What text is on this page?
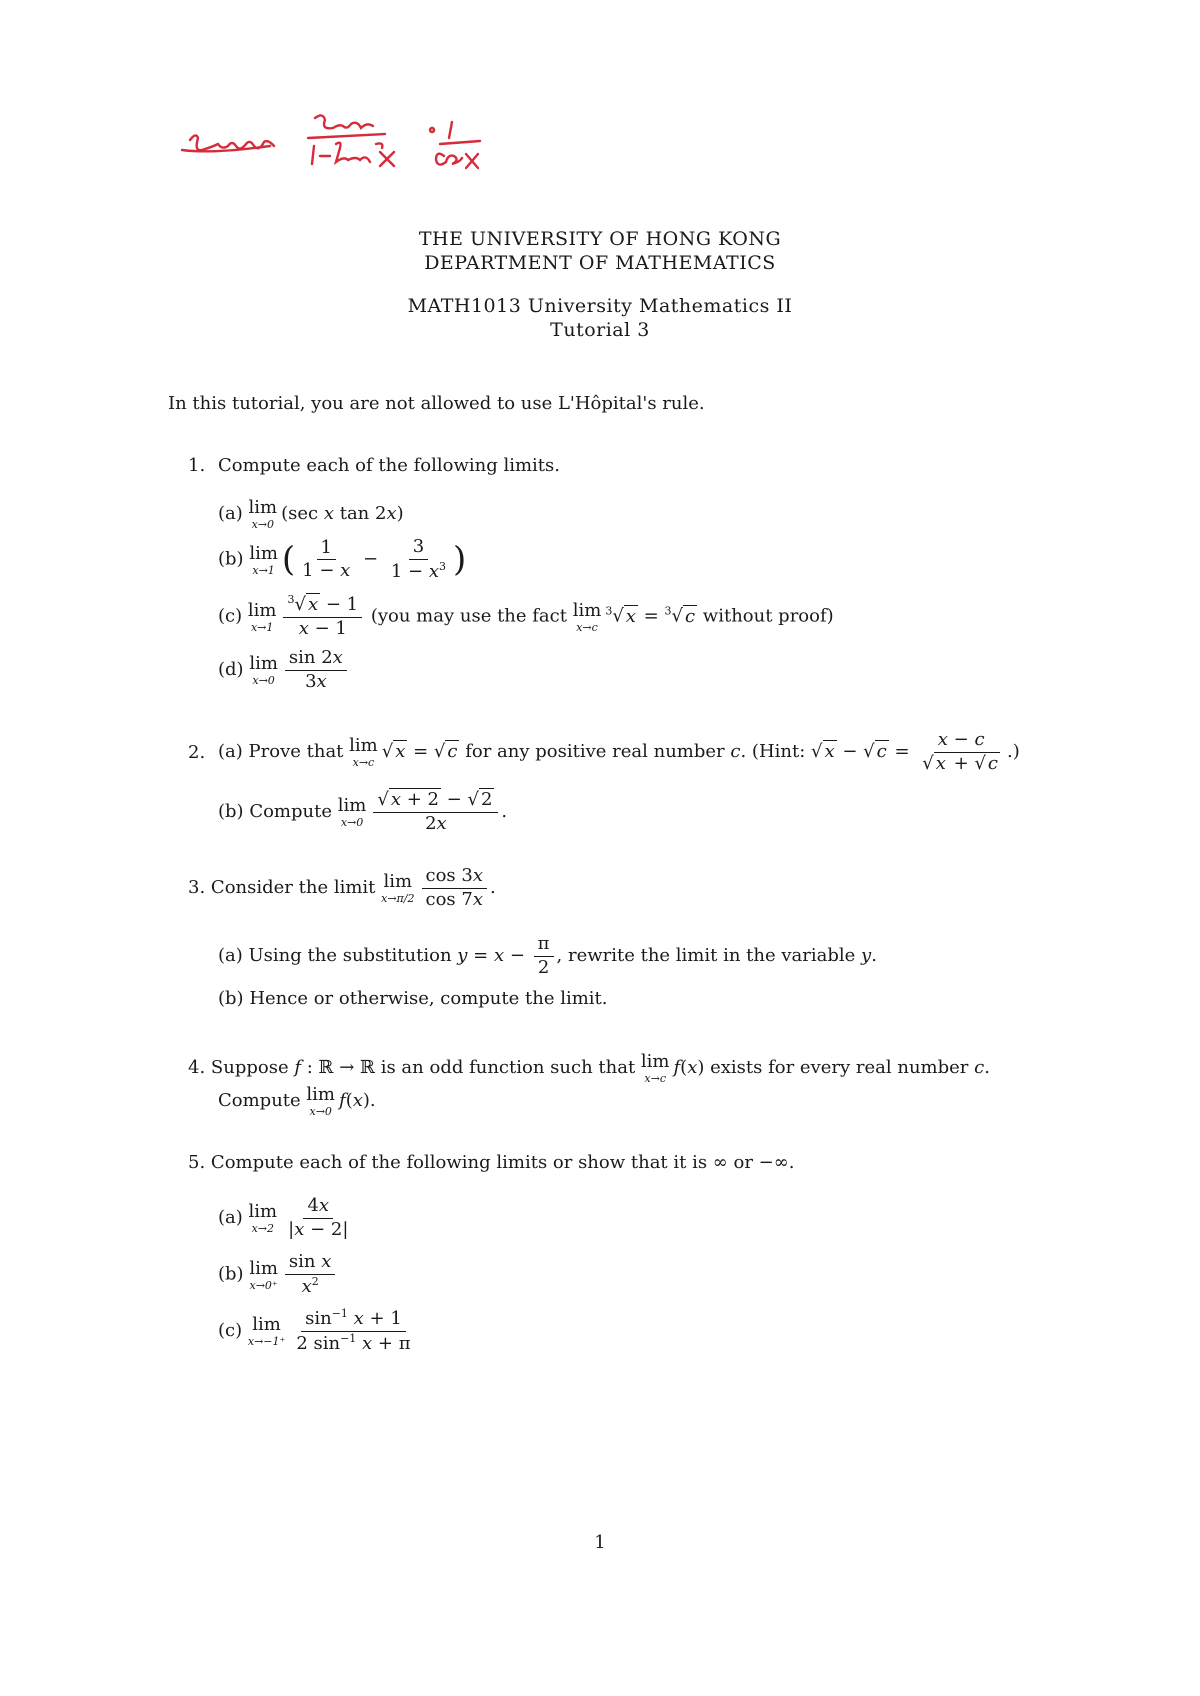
THE UNIVERSITY OF HONG KONG
DEPARTMENT OF MATHEMATICS
MATH1013 University Mathematics II
Tutorial 3
In this tutorial, you are not allowed to use L'Hôpital's rule.
1. Compute each of the following limits.
(a) lim
x→0
(sec x tan 2x)
(b) lim
x→1 ( $\frac{1}{1 - x} - \frac{3}{1 - x^3}$ )
(c) lim
$x\to 1 \frac{^3√ x - 1}{x - 1} (you$ may use the fact lim
x→c
$^3$√ x = $^3$√ c without proof)
(d) lim
$x\to 0 \frac{\sin 2x}{3x}$
2. (a) Prove that lim
x→c
√ x = √ c for any positive real number c. (Hint: √ x − √ $c = \frac{x - c}{√ x + √ c}$ .)
(b) Compute lim
$x\to 0 \frac{√ x + 2 - √ 2}{2x}$ .
3. Consider the limit lim
$x\to\pi/2 \frac{\cos 3x}{\cos 7x}$ .
(a) Using the substitution $y = x - \frac{\pi}{2}$ , rewrite the limit in the variable y.
(b) Hence or otherwise, compute the limit.
4. Suppose f : ℝ → ℝ is an odd function such that lim
x→c
f(x) exists for every real number c.
Compute lim
x→0
f(x).
5. Compute each of the following limits or show that it is ∞ or −∞.
(a) lim
$x\to 2 \frac{4x}{|x - 2|}$
(b) lim
$x\to 0^+ \frac{\text{sin x}}{x^2}$
(c) lim
$x\to-1^+ \frac{\sin^{-1} x + 1}{2 \sin^{-1} x + \pi}$
1
